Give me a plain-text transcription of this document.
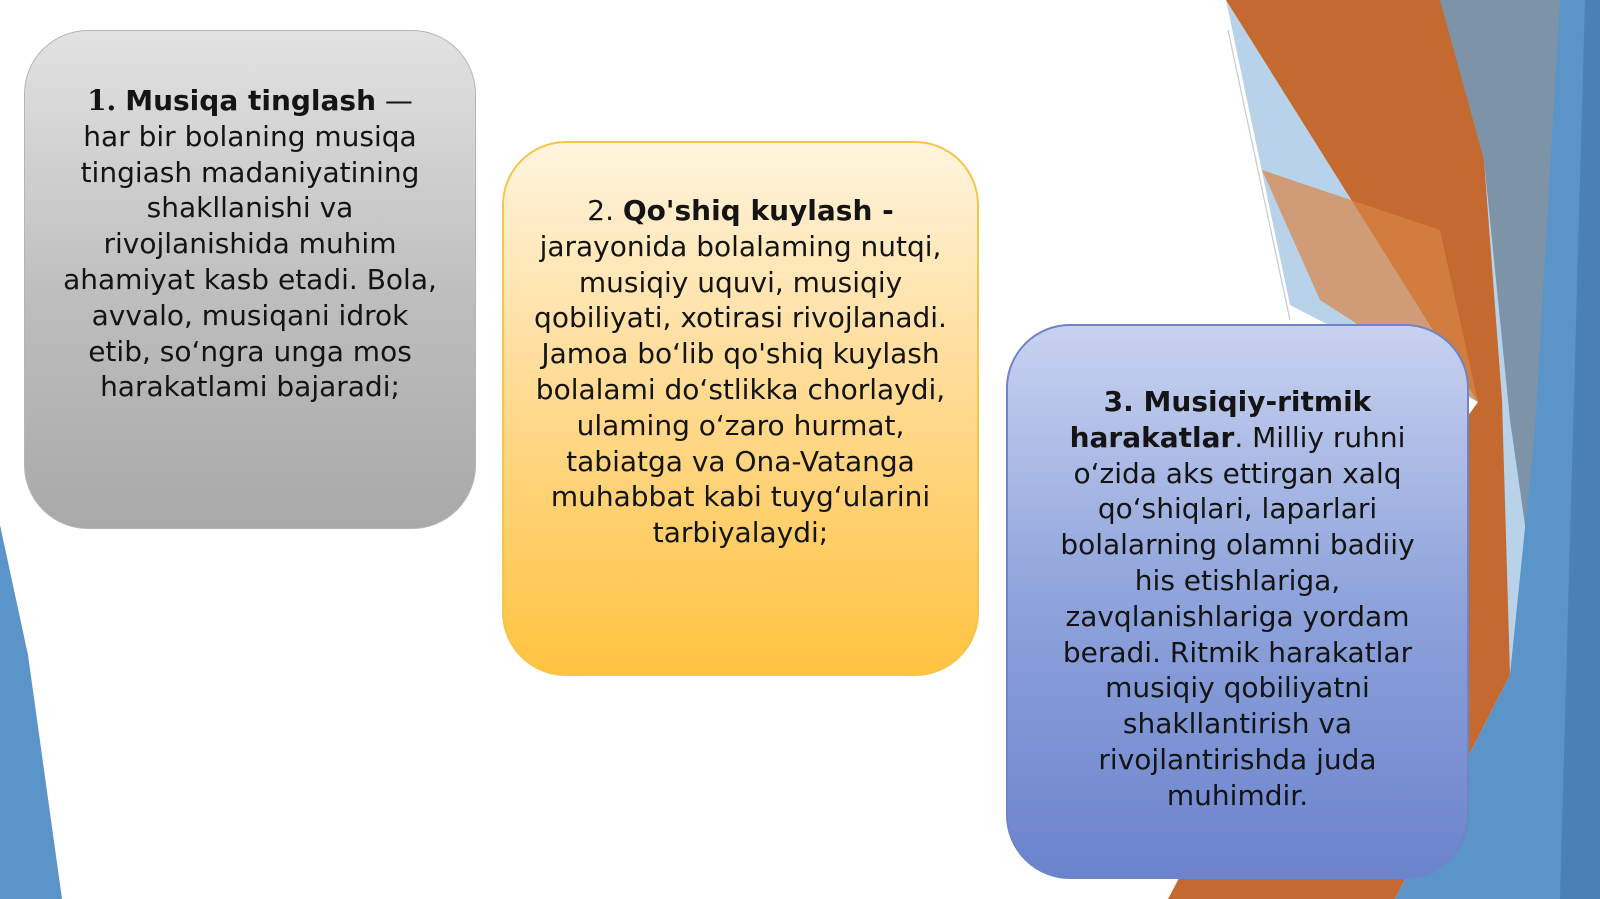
1. Musiqa tinglash — har bir bolaning musiqa tingiash madaniyatining shakllanishi va rivojlanishida muhim ahamiyat kasb etadi. Bola, avvalo, musiqani idrok etib, so‘ngra unga mos harakatlami bajaradi;
2. Qo'shiq kuylash -
jarayonida bolalaming nutqi, musiqiy uquvi, musiqiy qobiliyati, xotirasi rivojlanadi. Jamoa bo‘lib qo'shiq kuylash bolalami do‘stlikka chorlaydi, ulaming o‘zaro hurmat, tabiatga va Ona-Vatanga muhabbat kabi tuyg‘ularini tarbiyalaydi;
3. Musiqiy-ritmik harakatlar. Milliy ruhni o‘zida aks ettirgan xalq qo‘shiqlari, laparlari bolalarning olamni badiiy his etishlariga, zavqlanishlariga yordam beradi. Ritmik harakatlar musiqiy qobiliyatni shakllantirish va rivojlantirishda juda muhimdir.
